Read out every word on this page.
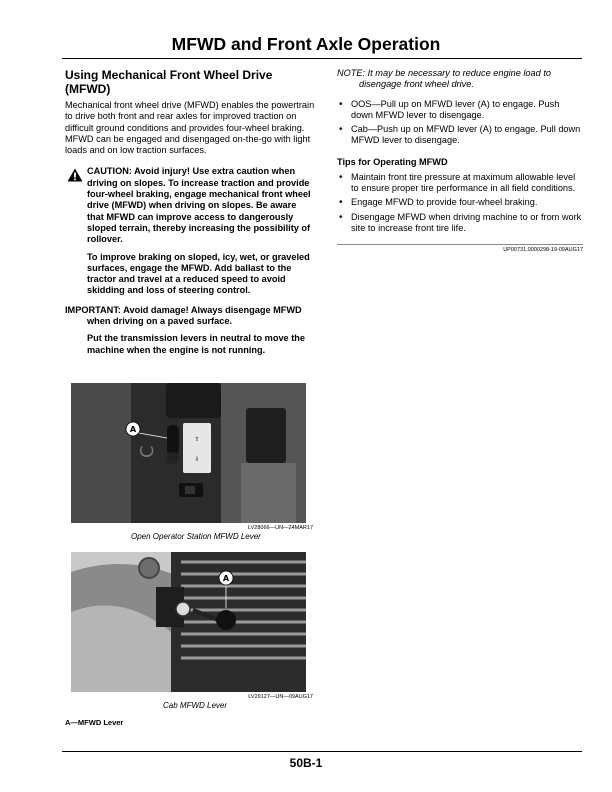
MFWD and Front Axle Operation
Using Mechanical Front Wheel Drive (MFWD)

Mechanical front wheel drive (MFWD) enables the powertrain to drive both front and rear axles for improved traction on difficult ground conditions and provides four-wheel braking. MFWD can be engaged and disengaged on-the-go with light loads and on low traction surfaces.

CAUTION: Avoid injury! Use extra caution when driving on slopes. To increase traction and provide four-wheel braking, engage mechanical front wheel drive (MFWD) when driving on slopes. Be aware that MFWD can improve access to dangerously sloped terrain, thereby increasing the possibility of rollover.

To improve braking on sloped, icy, wet, or graveled surfaces, engage the MFWD. Add ballast to the tractor and travel at a reduced speed to avoid skidding and loss of steering control.

IMPORTANT: Avoid damage! Always disengage MFWD when driving on a paved surface.

Put the transmission levers in neutral to move the machine when the engine is not running.

⇧
⇩
C
A
LV28066—UN—24MAR17
Open Operator Station MFWD Lever
A
LV29127—UN—09AUG17
Cab MFWD Lever
A—MFWD Lever

NOTE: It may be necessary to reduce engine load to disengage front wheel drive.

• OOS—Pull up on MFWD lever (A) to engage. Push down MFWD lever to disengage.
• Cab—Push up on MFWD lever (A) to engage. Pull down MFWD lever to disengage.
Tips for Operating MFWD
• Maintain front tire pressure at maximum allowable level to ensure proper tire performance in all field conditions.
• Engage MFWD to provide four-wheel braking.
• Disengage MFWD when driving machine to or from work site to increase front tire life.
UP00731,0000298-19-09AUG17
50B-1
